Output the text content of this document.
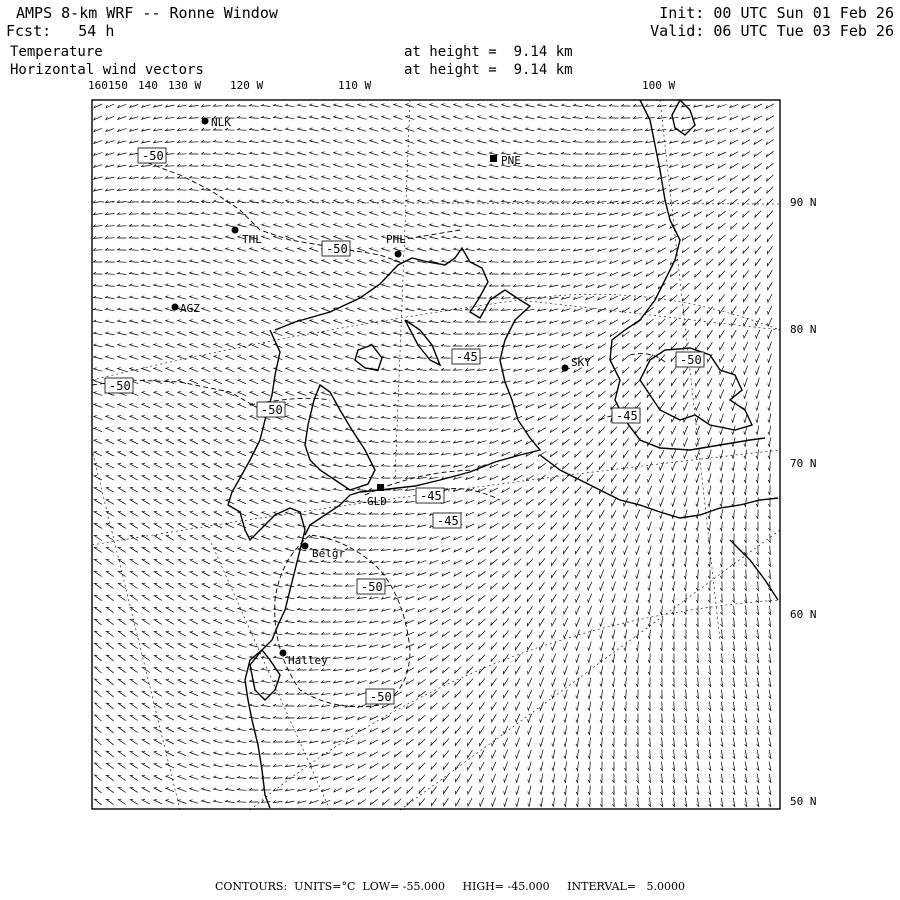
AMPS 8-km WRF -- Ronne Window
Fcst:   54 h
Temperature
Horizontal wind vectors
at height =  9.14 km
at height =  9.14 km
Init: 00 UTC Sun 01 Feb 26
Valid: 06 UTC Tue 03 Feb 26
NLK
PNE
THL	PHL
AGZ
SKY
GLD
Belgr
Halley
-50
-50
-50
-45
-50
-50
-50
-45
-45
-45
-50
160 150 140 130 W	120 W	110 W	100 W
90 N
80 N
70 N
60 N
50 N
CONTOURS:  UNITS=°C  LOW= -55.000     HIGH= -45.000     INTERVAL=   5.0000
